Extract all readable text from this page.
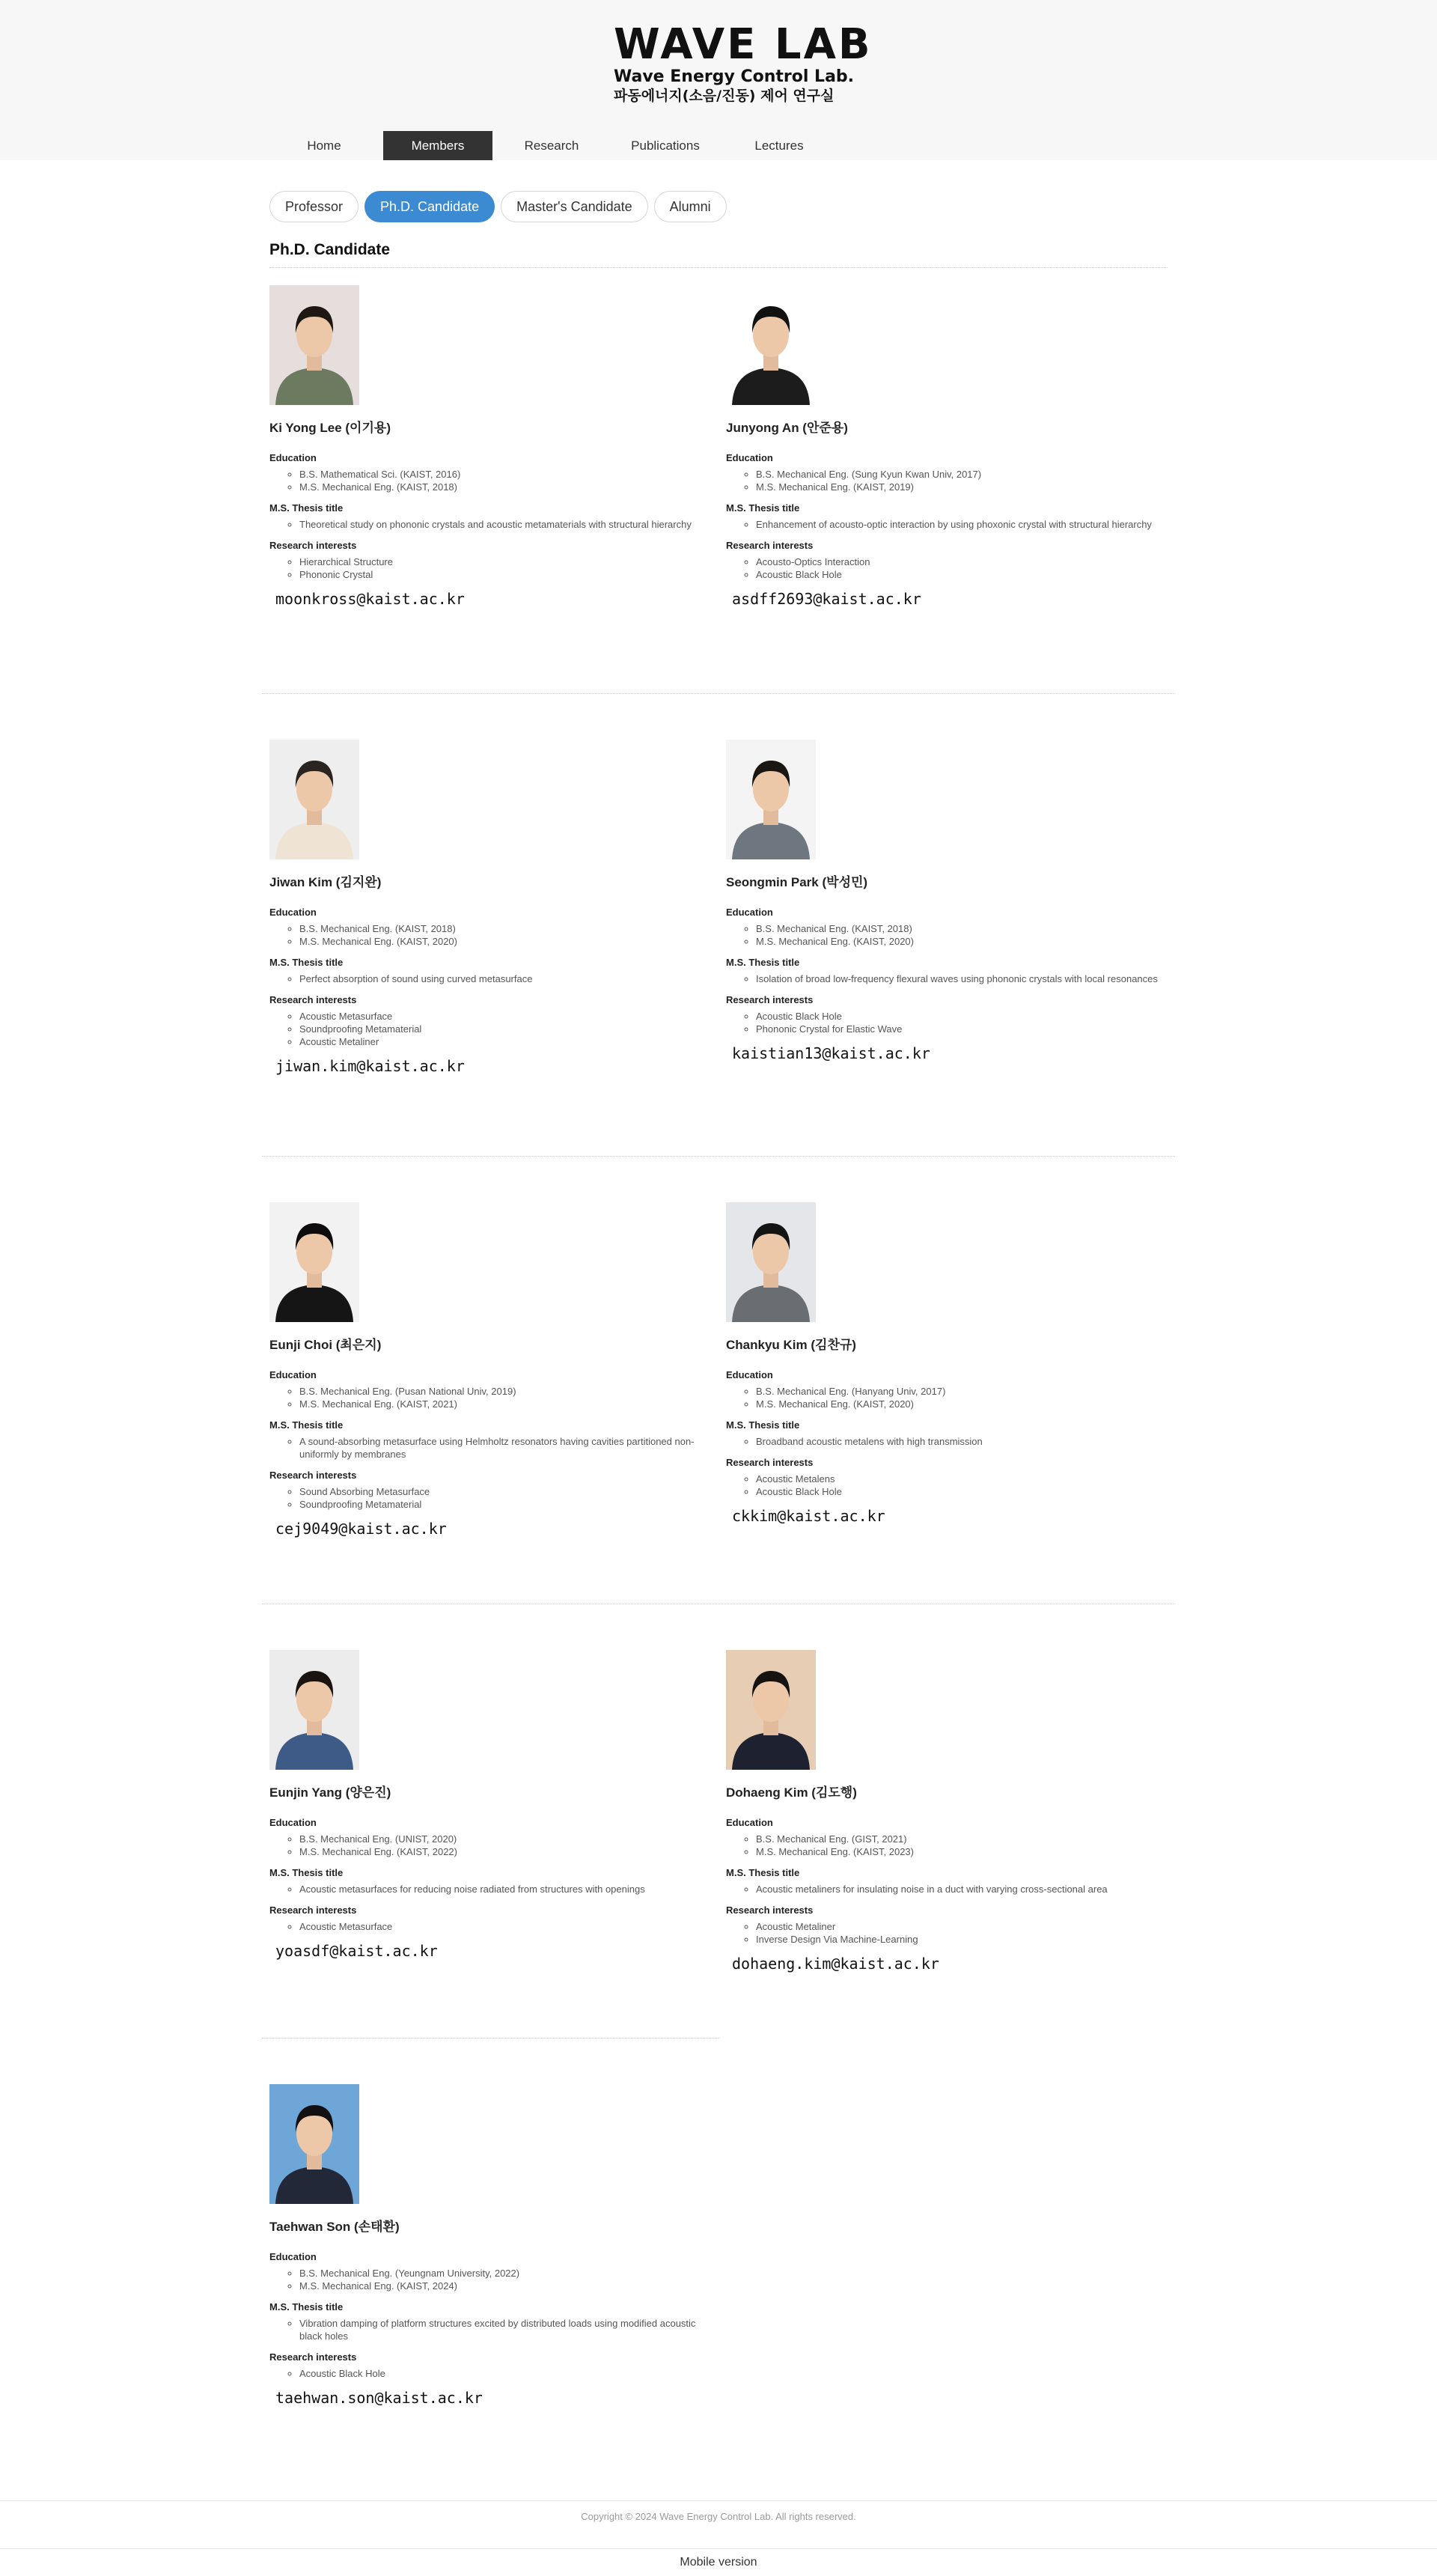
WAVE LAB
Wave Energy Control Lab.
파동에너지(소음/진동) 제어 연구실
Home	Members	Research	Publications	Lectures
Professor	Ph.D. Candidate	Master's Candidate	Alumni
Ph.D. Candidate
Ki Yong Lee (이기용)
Education
◦ B.S. Mathematical Sci. (KAIST, 2016)
◦ M.S. Mechanical Eng. (KAIST, 2018)
M.S. Thesis title
◦ Theoretical study on phononic crystals and acoustic metamaterials with structural hierarchy
Research interests
◦ Hierarchical Structure
◦ Phononic Crystal
moonkross@kaist.ac.kr
Junyong An (안준용)
Education
◦ B.S. Mechanical Eng. (Sung Kyun Kwan Univ, 2017)
◦ M.S. Mechanical Eng. (KAIST, 2019)
M.S. Thesis title
◦ Enhancement of acousto-optic interaction by using phoxonic crystal with structural hierarchy
Research interests
◦ Acousto-Optics Interaction
◦ Acoustic Black Hole
asdff2693@kaist.ac.kr
Jiwan Kim (김지완)
Education
◦ B.S. Mechanical Eng. (KAIST, 2018)
◦ M.S. Mechanical Eng. (KAIST, 2020)
M.S. Thesis title
◦ Perfect absorption of sound using curved metasurface
Research interests
◦ Acoustic Metasurface
◦ Soundproofing Metamaterial
◦ Acoustic Metaliner
jiwan.kim@kaist.ac.kr
Seongmin Park (박성민)
Education
◦ B.S. Mechanical Eng. (KAIST, 2018)
◦ M.S. Mechanical Eng. (KAIST, 2020)
M.S. Thesis title
◦ Isolation of broad low-frequency flexural waves using phononic crystals with local resonances
Research interests
◦ Acoustic Black Hole
◦ Phononic Crystal for Elastic Wave
kaistian13@kaist.ac.kr
Eunji Choi (최은지)
Education
◦ B.S. Mechanical Eng. (Pusan National Univ, 2019)
◦ M.S. Mechanical Eng. (KAIST, 2021)
M.S. Thesis title
◦ A sound-absorbing metasurface using Helmholtz resonators having cavities partitioned non-uniformly by membranes
Research interests
◦ Sound Absorbing Metasurface
◦ Soundproofing Metamaterial
cej9049@kaist.ac.kr
Chankyu Kim (김찬규)
Education
◦ B.S. Mechanical Eng. (Hanyang Univ, 2017)
◦ M.S. Mechanical Eng. (KAIST, 2020)
M.S. Thesis title
◦ Broadband acoustic metalens with high transmission
Research interests
◦ Acoustic Metalens
◦ Acoustic Black Hole
ckkim@kaist.ac.kr
Eunjin Yang (양은진)
Education
◦ B.S. Mechanical Eng. (UNIST, 2020)
◦ M.S. Mechanical Eng. (KAIST, 2022)
M.S. Thesis title
◦ Acoustic metasurfaces for reducing noise radiated from structures with openings
Research interests
◦ Acoustic Metasurface
yoasdf@kaist.ac.kr
Dohaeng Kim (김도행)
Education
◦ B.S. Mechanical Eng. (GIST, 2021)
◦ M.S. Mechanical Eng. (KAIST, 2023)
M.S. Thesis title
◦ Acoustic metaliners for insulating noise in a duct with varying cross-sectional area
Research interests
◦ Acoustic Metaliner
◦ Inverse Design Via Machine-Learning
dohaeng.kim@kaist.ac.kr
Taehwan Son (손태환)
Education
◦ B.S. Mechanical Eng. (Yeungnam University, 2022)
◦ M.S. Mechanical Eng. (KAIST, 2024)
M.S. Thesis title
◦ Vibration damping of platform structures excited by distributed loads using modified acoustic black holes
Research interests
◦ Acoustic Black Hole
taehwan.son@kaist.ac.kr
Copyright © 2024 Wave Energy Control Lab. All rights reserved.
Mobile version
